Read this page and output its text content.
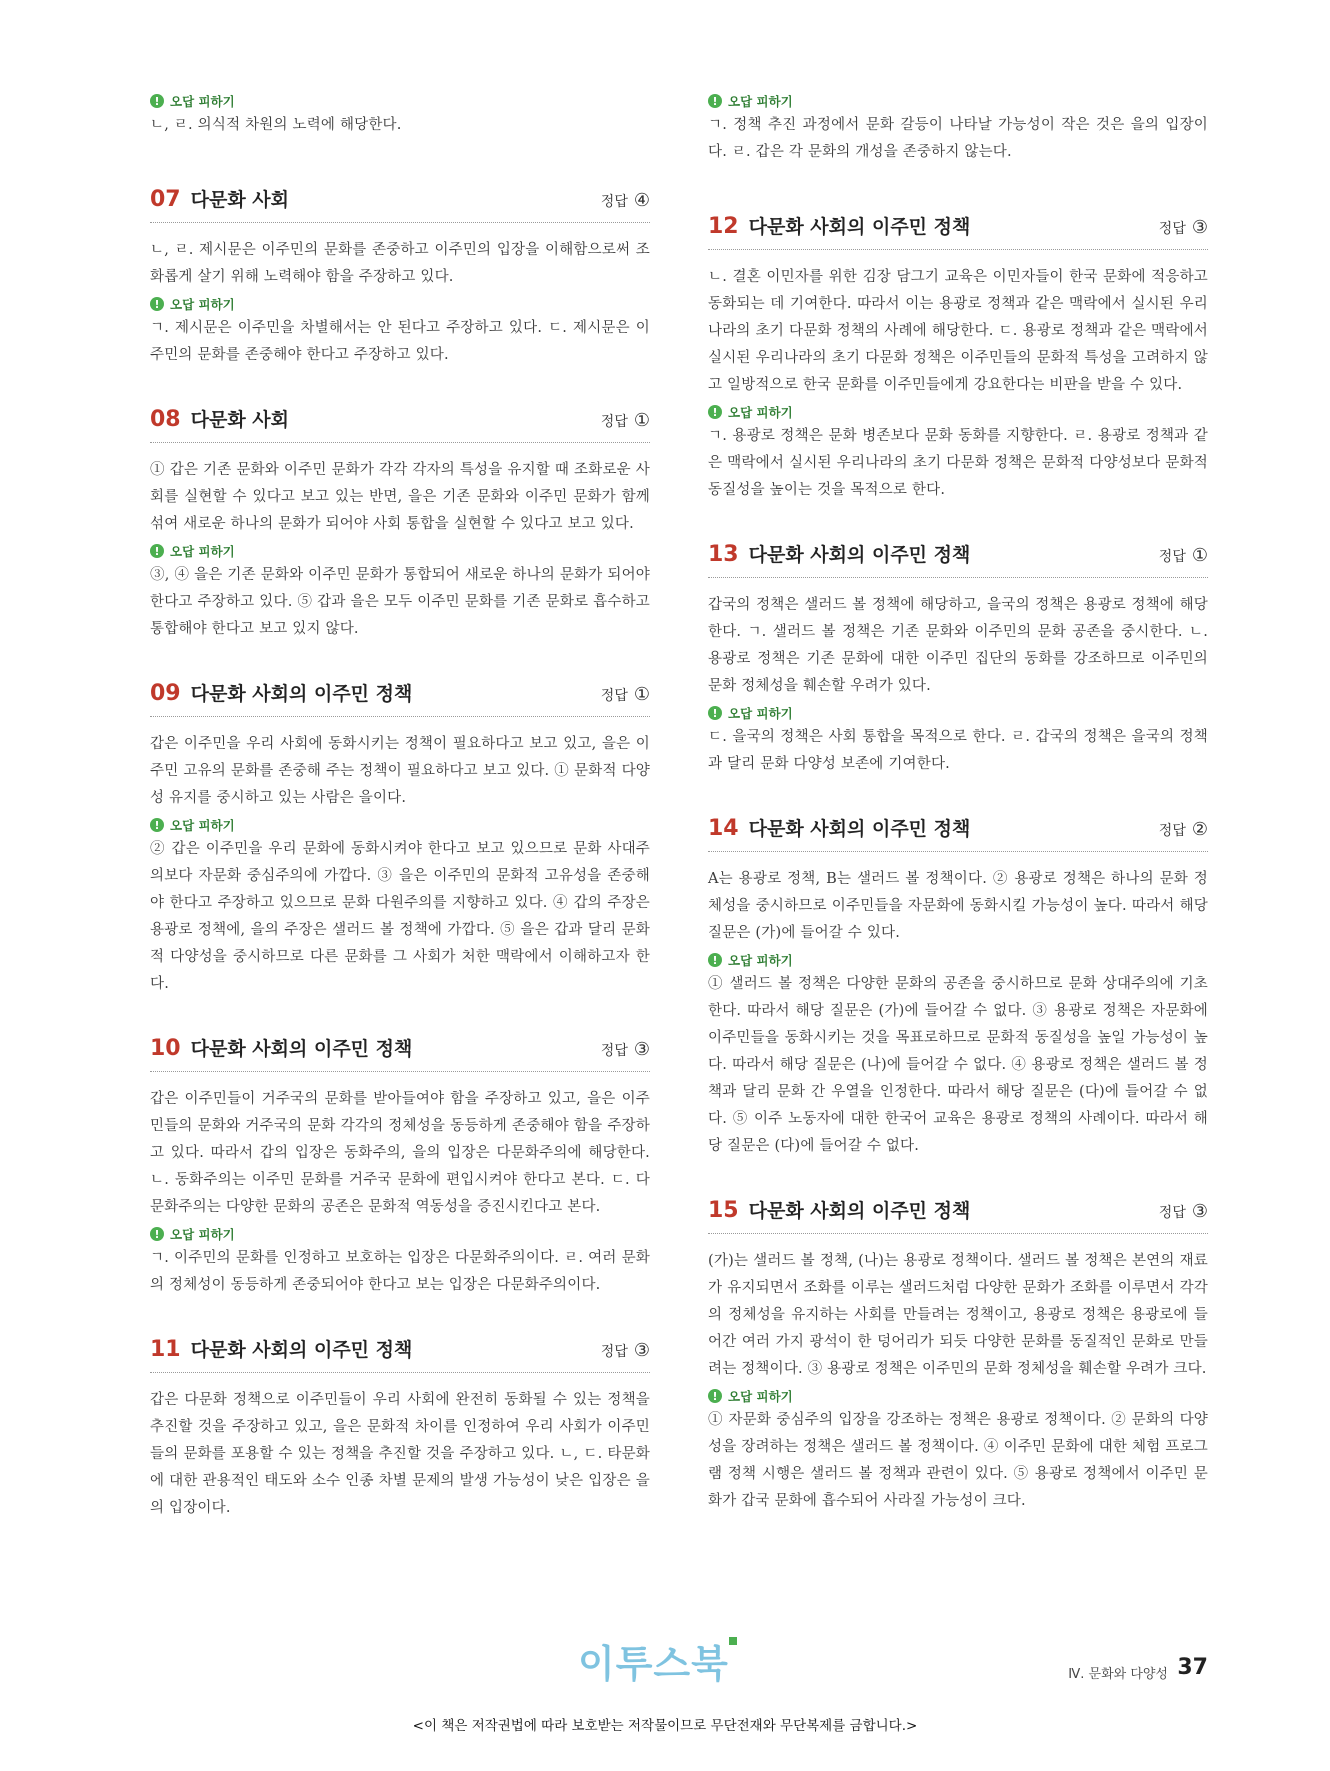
! 오답 피하기

ㄴ, ㄹ. 의식적 차원의 노력에 해당한다.

07 다문화 사회	정답 ④

ㄴ, ㄹ. 제시문은 이주민의 문화를 존중하고 이주민의 입장을 이해함으로써 조화롭게 살기 위해 노력해야 함을 주장하고 있다.

! 오답 피하기

ㄱ. 제시문은 이주민을 차별해서는 안 된다고 주장하고 있다. ㄷ. 제시문은 이주민의 문화를 존중해야 한다고 주장하고 있다.

08 다문화 사회	정답 ①

① 갑은 기존 문화와 이주민 문화가 각각 각자의 특성을 유지할 때 조화로운 사회를 실현할 수 있다고 보고 있는 반면, 을은 기존 문화와 이주민 문화가 함께 섞여 새로운 하나의 문화가 되어야 사회 통합을 실현할 수 있다고 보고 있다.

! 오답 피하기

③, ④ 을은 기존 문화와 이주민 문화가 통합되어 새로운 하나의 문화가 되어야 한다고 주장하고 있다. ⑤ 갑과 을은 모두 이주민 문화를 기존 문화로 흡수하고 통합해야 한다고 보고 있지 않다.

09 다문화 사회의 이주민 정책	정답 ①

갑은 이주민을 우리 사회에 동화시키는 정책이 필요하다고 보고 있고, 을은 이주민 고유의 문화를 존중해 주는 정책이 필요하다고 보고 있다. ① 문화적 다양성 유지를 중시하고 있는 사람은 을이다.

! 오답 피하기

② 갑은 이주민을 우리 문화에 동화시켜야 한다고 보고 있으므로 문화 사대주의보다 자문화 중심주의에 가깝다. ③ 을은 이주민의 문화적 고유성을 존중해야 한다고 주장하고 있으므로 문화 다원주의를 지향하고 있다. ④ 갑의 주장은 용광로 정책에, 을의 주장은 샐러드 볼 정책에 가깝다. ⑤ 을은 갑과 달리 문화적 다양성을 중시하므로 다른 문화를 그 사회가 처한 맥락에서 이해하고자 한다.

10 다문화 사회의 이주민 정책	정답 ③

갑은 이주민들이 거주국의 문화를 받아들여야 함을 주장하고 있고, 을은 이주민들의 문화와 거주국의 문화 각각의 정체성을 동등하게 존중해야 함을 주장하고 있다. 따라서 갑의 입장은 동화주의, 을의 입장은 다문화주의에 해당한다. ㄴ. 동화주의는 이주민 문화를 거주국 문화에 편입시켜야 한다고 본다. ㄷ. 다문화주의는 다양한 문화의 공존은 문화적 역동성을 증진시킨다고 본다.

! 오답 피하기

ㄱ. 이주민의 문화를 인정하고 보호하는 입장은 다문화주의이다. ㄹ. 여러 문화의 정체성이 동등하게 존중되어야 한다고 보는 입장은 다문화주의이다.

11 다문화 사회의 이주민 정책	정답 ③

갑은 다문화 정책으로 이주민들이 우리 사회에 완전히 동화될 수 있는 정책을 추진할 것을 주장하고 있고, 을은 문화적 차이를 인정하여 우리 사회가 이주민들의 문화를 포용할 수 있는 정책을 추진할 것을 주장하고 있다. ㄴ, ㄷ. 타문화에 대한 관용적인 태도와 소수 인종 차별 문제의 발생 가능성이 낮은 입장은 을의 입장이다.

! 오답 피하기

ㄱ. 정책 추진 과정에서 문화 갈등이 나타날 가능성이 작은 것은 을의 입장이다. ㄹ. 갑은 각 문화의 개성을 존중하지 않는다.

12 다문화 사회의 이주민 정책	정답 ③

ㄴ. 결혼 이민자를 위한 김장 담그기 교육은 이민자들이 한국 문화에 적응하고 동화되는 데 기여한다. 따라서 이는 용광로 정책과 같은 맥락에서 실시된 우리나라의 초기 다문화 정책의 사례에 해당한다. ㄷ. 용광로 정책과 같은 맥락에서 실시된 우리나라의 초기 다문화 정책은 이주민들의 문화적 특성을 고려하지 않고 일방적으로 한국 문화를 이주민들에게 강요한다는 비판을 받을 수 있다.

! 오답 피하기

ㄱ. 용광로 정책은 문화 병존보다 문화 동화를 지향한다. ㄹ. 용광로 정책과 같은 맥락에서 실시된 우리나라의 초기 다문화 정책은 문화적 다양성보다 문화적 동질성을 높이는 것을 목적으로 한다.

13 다문화 사회의 이주민 정책	정답 ①

갑국의 정책은 샐러드 볼 정책에 해당하고, 을국의 정책은 용광로 정책에 해당한다. ㄱ. 샐러드 볼 정책은 기존 문화와 이주민의 문화 공존을 중시한다. ㄴ. 용광로 정책은 기존 문화에 대한 이주민 집단의 동화를 강조하므로 이주민의 문화 정체성을 훼손할 우려가 있다.

! 오답 피하기

ㄷ. 을국의 정책은 사회 통합을 목적으로 한다. ㄹ. 갑국의 정책은 을국의 정책과 달리 문화 다양성 보존에 기여한다.

14 다문화 사회의 이주민 정책	정답 ②

A는 용광로 정책, B는 샐러드 볼 정책이다. ② 용광로 정책은 하나의 문화 정체성을 중시하므로 이주민들을 자문화에 동화시킬 가능성이 높다. 따라서 해당 질문은 (가)에 들어갈 수 있다.

! 오답 피하기

① 샐러드 볼 정책은 다양한 문화의 공존을 중시하므로 문화 상대주의에 기초한다. 따라서 해당 질문은 (가)에 들어갈 수 없다. ③ 용광로 정책은 자문화에 이주민들을 동화시키는 것을 목표로하므로 문화적 동질성을 높일 가능성이 높다. 따라서 해당 질문은 (나)에 들어갈 수 없다. ④ 용광로 정책은 샐러드 볼 정책과 달리 문화 간 우열을 인정한다. 따라서 해당 질문은 (다)에 들어갈 수 없다. ⑤ 이주 노동자에 대한 한국어 교육은 용광로 정책의 사례이다. 따라서 해당 질문은 (다)에 들어갈 수 없다.

15 다문화 사회의 이주민 정책	정답 ③

(가)는 샐러드 볼 정책, (나)는 용광로 정책이다. 샐러드 볼 정책은 본연의 재료가 유지되면서 조화를 이루는 샐러드처럼 다양한 문화가 조화를 이루면서 각각의 정체성을 유지하는 사회를 만들려는 정책이고, 용광로 정책은 용광로에 들어간 여러 가지 광석이 한 덩어리가 되듯 다양한 문화를 동질적인 문화로 만들려는 정책이다. ③ 용광로 정책은 이주민의 문화 정체성을 훼손할 우려가 크다.

! 오답 피하기

① 자문화 중심주의 입장을 강조하는 정책은 용광로 정책이다. ② 문화의 다양성을 장려하는 정책은 샐러드 볼 정책이다. ④ 이주민 문화에 대한 체험 프로그램 정책 시행은 샐러드 볼 정책과 관련이 있다. ⑤ 용광로 정책에서 이주민 문화가 갑국 문화에 흡수되어 사라질 가능성이 크다.

이투스북	Ⅳ. 문화와 다양성 37
<이 책은 저작권법에 따라 보호받는 저작물이므로 무단전재와 무단복제를 금합니다.>
